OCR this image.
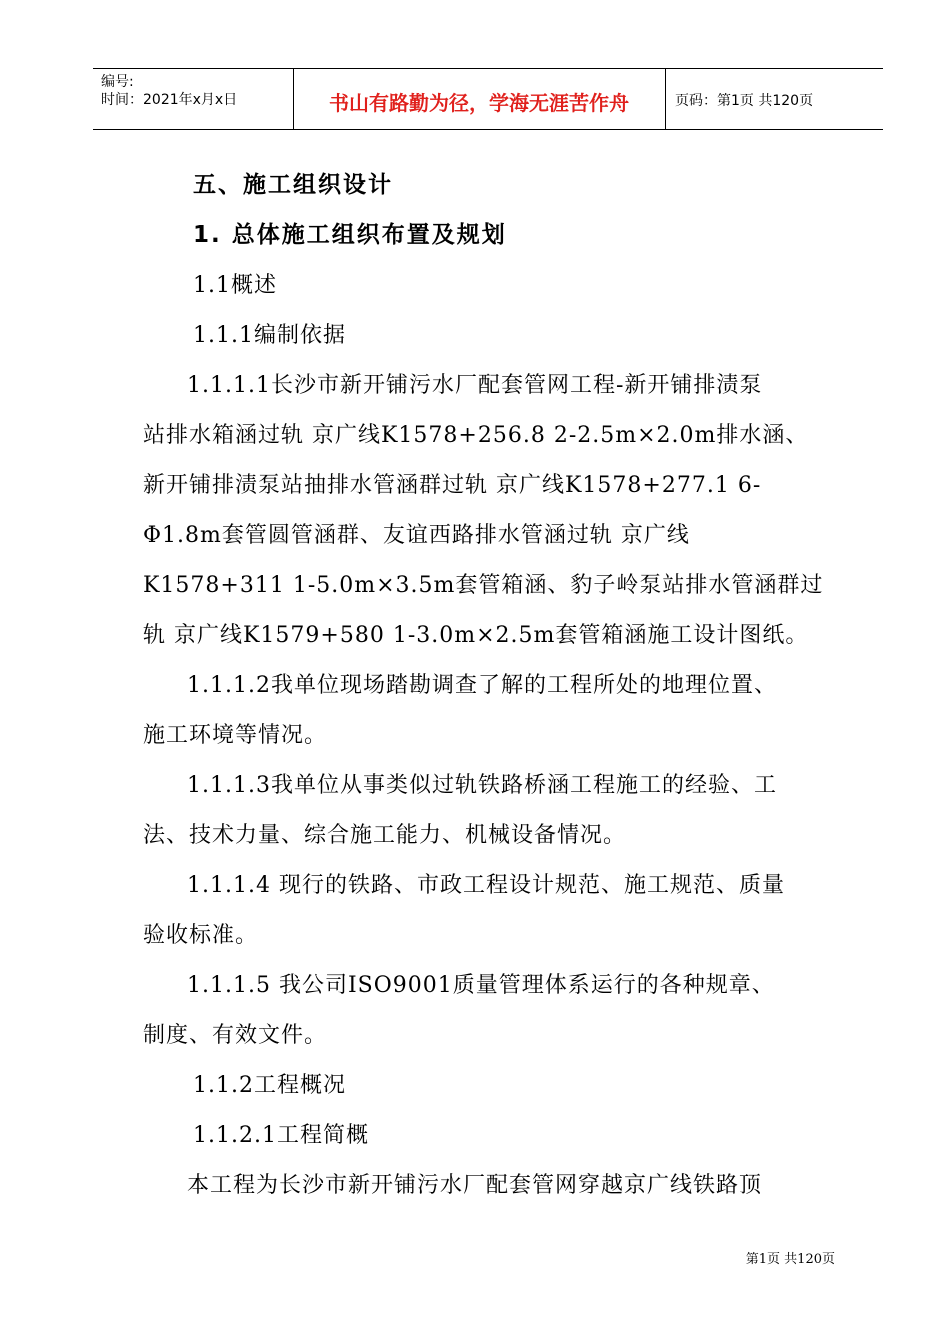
编号:
时间：2021年x月x日	书山有路勤为径，学海无涯苦作舟	页码：第1页 共120页
五、施工组织设计
1. 总体施工组织布置及规划
1.1概述
1.1.1编制依据
1.1.1.1长沙市新开铺污水厂配套管网工程-新开铺排渍泵
站排水箱涵过轨 京广线K1578+256.8 2-2.5m×2.0m排水涵、
新开铺排渍泵站抽排水管涵群过轨 京广线K1578+277.1 6-
Φ1.8m套管圆管涵群、友谊西路排水管涵过轨 京广线
K1578+311 1-5.0m×3.5m套管箱涵、豹子岭泵站排水管涵群过
轨 京广线K1579+580 1-3.0m×2.5m套管箱涵施工设计图纸。
1.1.1.2我单位现场踏勘调查了解的工程所处的地理位置、
施工环境等情况。
1.1.1.3我单位从事类似过轨铁路桥涵工程施工的经验、工
法、技术力量、综合施工能力、机械设备情况。
1.1.1.4 现行的铁路、市政工程设计规范、施工规范、质量
验收标准。
1.1.1.5 我公司ISO9001质量管理体系运行的各种规章、
制度、有效文件。
1.1.2工程概况
1.1.2.1工程简概
本工程为长沙市新开铺污水厂配套管网穿越京广线铁路顶
第1页 共120页
